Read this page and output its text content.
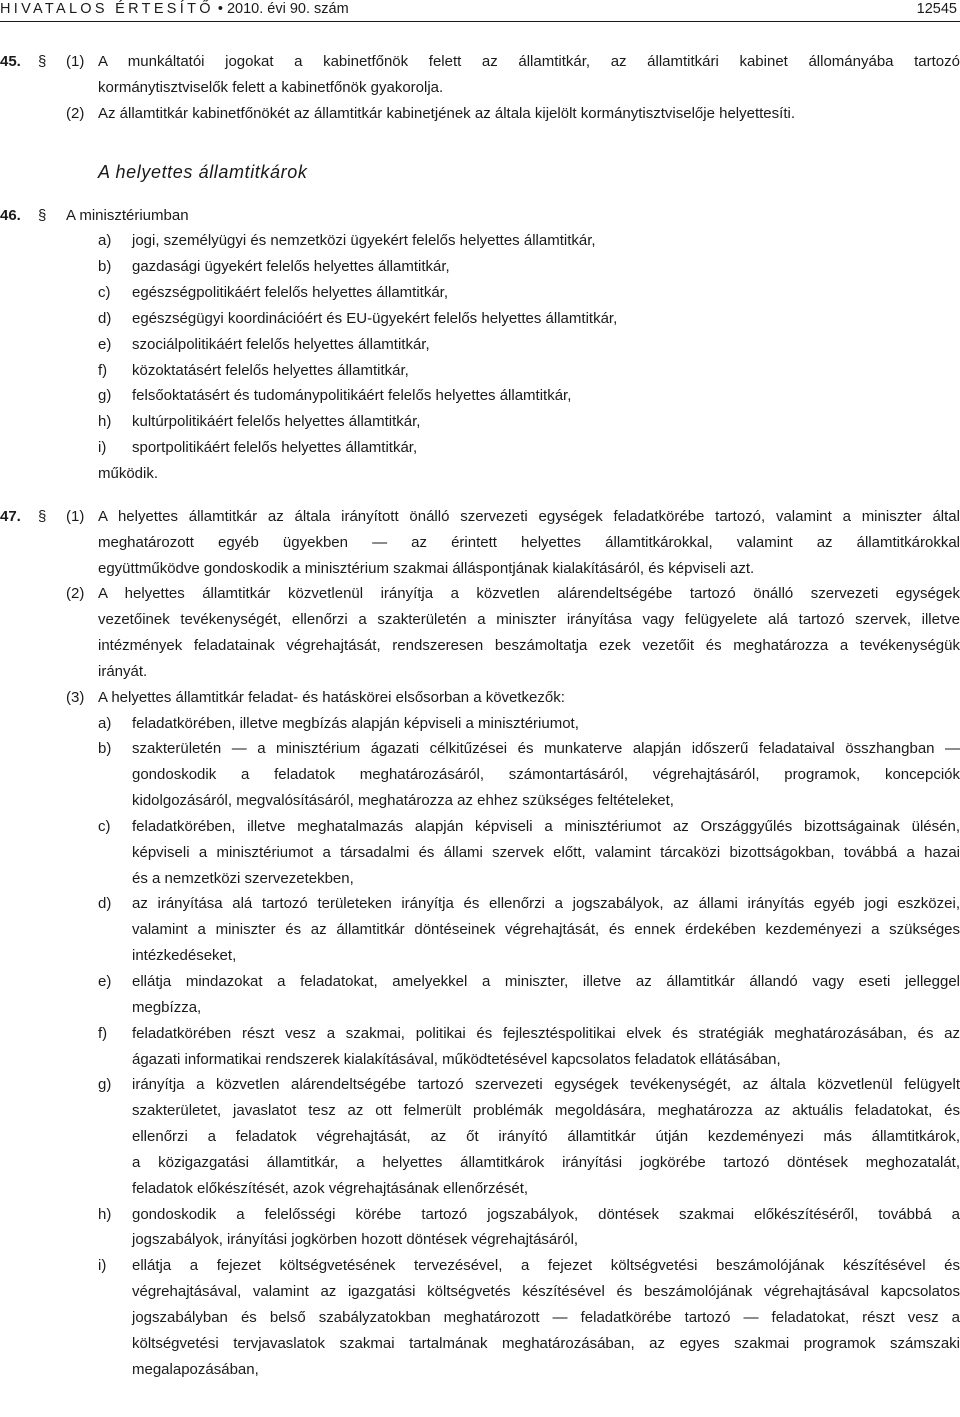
HIVATALOS ÉRTESÍTŐ • 2010. évi 90. szám	12545
45.	§	(1) A munkáltatói jogokat a kabinetfőnök felett az államtitkár, az államtitkári kabinet állományába tartozó
kormánytisztviselők felett a kabinetfőnök gyakorolja.
(2) Az államtitkár kabinetfőnökét az államtitkár kabinetjének az általa kijelölt kormánytisztviselője helyettesíti.
A helyettes államtitkárok
46.	§	A minisztériumban
a)	jogi, személyügyi és nemzetközi ügyekért felelős helyettes államtitkár,
b)	gazdasági ügyekért felelős helyettes államtitkár,
c)	egészségpolitikáért felelős helyettes államtitkár,
d)	egészségügyi koordinációért és EU-ügyekért felelős helyettes államtitkár,
e)	szociálpolitikáért felelős helyettes államtitkár,
f)	közoktatásért felelős helyettes államtitkár,
g)	felsőoktatásért és tudománypolitikáért felelős helyettes államtitkár,
h)	kultúrpolitikáért felelős helyettes államtitkár,
i)	sportpolitikáért felelős helyettes államtitkár,
működik.
47.	§	(1) A helyettes államtitkár az általa irányított önálló szervezeti egységek feladatkörébe tartozó, valamint a miniszter által
meghatározott egyéb ügyekben — az érintett helyettes államtitkárokkal, valamint az államtitkárokkal
együttműködve gondoskodik a minisztérium szakmai álláspontjának kialakításáról, és képviseli azt.
(2) A helyettes államtitkár közvetlenül irányítja a közvetlen alárendeltségébe tartozó önálló szervezeti egységek
vezetőinek tevékenységét, ellenőrzi a szakterületén a miniszter irányítása vagy felügyelete alá tartozó szervek, illetve
intézmények feladatainak végrehajtását, rendszeresen beszámoltatja ezek vezetőit és meghatározza a tevékenységük
irányát.
(3) A helyettes államtitkár feladat- és hatáskörei elsősorban a következők:
a)	feladatkörében, illetve megbízás alapján képviseli a minisztériumot,
b)	szakterületén — a minisztérium ágazati célkitűzései és munkaterve alapján időszerű feladataival összhangban —
gondoskodik a feladatok meghatározásáról, számontartásáról, végrehajtásáról, programok, koncepciók
kidolgozásáról, megvalósításáról, meghatározza az ehhez szükséges feltételeket,
c)	feladatkörében, illetve meghatalmazás alapján képviseli a minisztériumot az Országgyűlés bizottságainak ülésén,
képviseli a minisztériumot a társadalmi és állami szervek előtt, valamint tárcaközi bizottságokban, továbbá a hazai
és a nemzetközi szervezetekben,
d)	az irányítása alá tartozó területeken irányítja és ellenőrzi a jogszabályok, az állami irányítás egyéb jogi eszközei,
valamint a miniszter és az államtitkár döntéseinek végrehajtását, és ennek érdekében kezdeményezi a szükséges
intézkedéseket,
e)	ellátja mindazokat a feladatokat, amelyekkel a miniszter, illetve az államtitkár állandó vagy eseti jelleggel
megbízza,
f)	feladatkörében részt vesz a szakmai, politikai és fejlesztéspolitikai elvek és stratégiák meghatározásában, és az
ágazati informatikai rendszerek kialakításával, működtetésével kapcsolatos feladatok ellátásában,
g)	irányítja a közvetlen alárendeltségébe tartozó szervezeti egységek tevékenységét, az általa közvetlenül felügyelt
szakterületet, javaslatot tesz az ott felmerült problémák megoldására, meghatározza az aktuális feladatokat, és
ellenőrzi a feladatok végrehajtását, az őt irányító államtitkár útján kezdeményezi más államtitkárok,
a közigazgatási államtitkár, a helyettes államtitkárok irányítási jogkörébe tartozó döntések meghozatalát,
feladatok előkészítését, azok végrehajtásának ellenőrzését,
h)	gondoskodik a felelősségi körébe tartozó jogszabályok, döntések szakmai előkészítéséről, továbbá a
jogszabályok, irányítási jogkörben hozott döntések végrehajtásáról,
i)	ellátja a fejezet költségvetésének tervezésével, a fejezet költségvetési beszámolójának készítésével és
végrehajtásával, valamint az igazgatási költségvetés készítésével és beszámolójának végrehajtásával kapcsolatos
jogszabályban és belső szabályzatokban meghatározott — feladatkörébe tartozó — feladatokat, részt vesz a
költségvetési tervjavaslatok szakmai tartalmának meghatározásában, az egyes szakmai programok számszaki
megalapozásában,
